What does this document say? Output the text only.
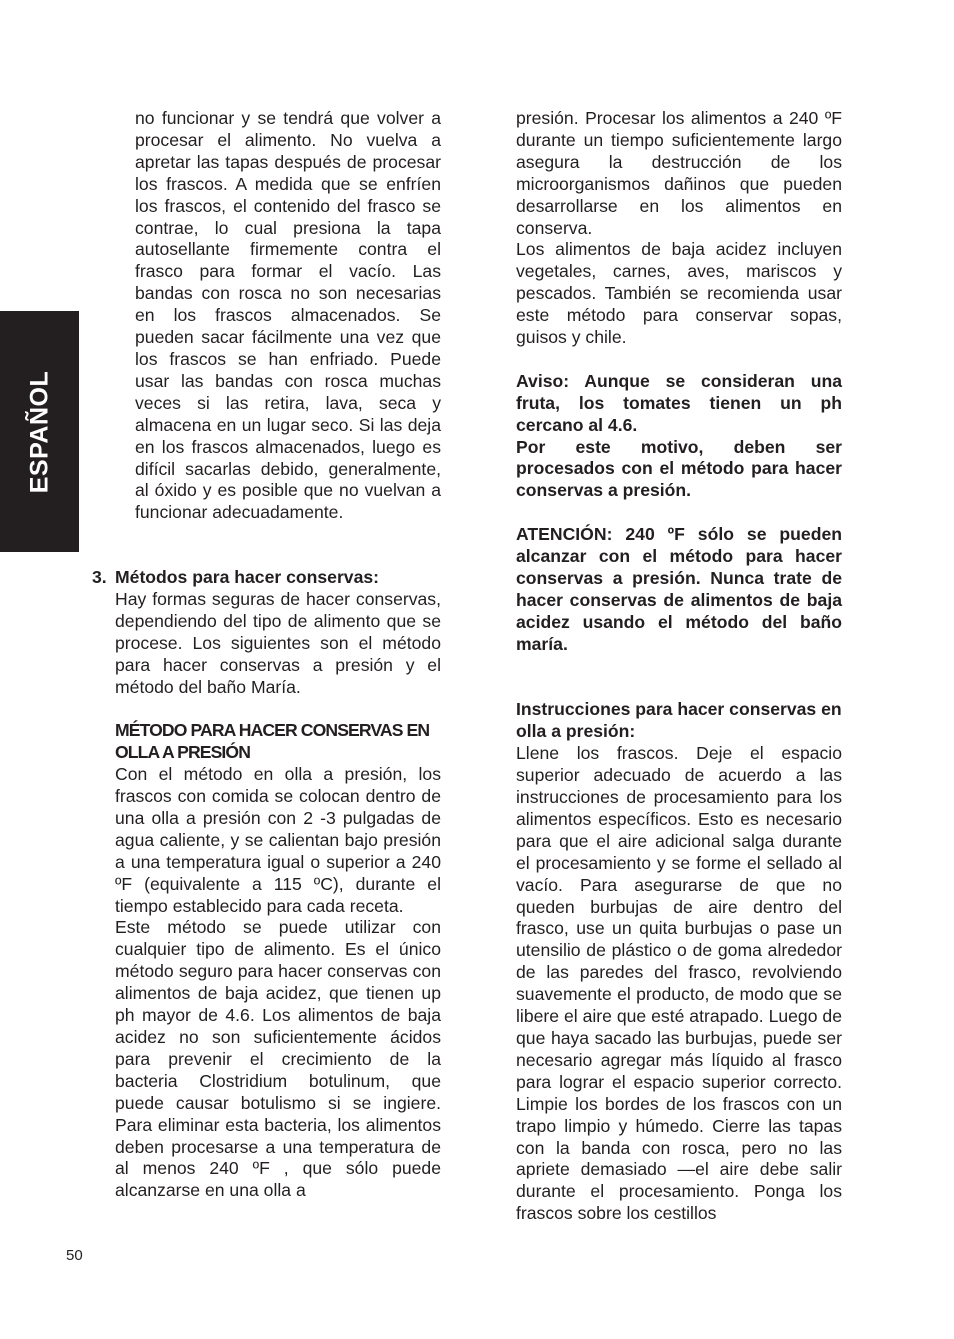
ESPAÑOL

no funcionar y se tendrá que volver a procesar el alimento. No vuelva a apretar las tapas después de procesar los frascos. A medida que se enfríen los frascos, el contenido del frasco se contrae, lo cual presiona la tapa autosellante firmemente contra el frasco para formar el vacío. Las bandas con rosca no son necesarias en los frascos almacenados. Se pueden sacar fácilmente una vez que los frascos se han enfriado. Puede usar las bandas con rosca muchas veces si las retira, lava, seca y almacena en un lugar seco. Si las deja en los frascos almacenados, luego es difícil sacarlas debido, generalmente, al óxido y es posible que no vuelvan a funcionar adecuadamente.

3. Métodos para hacer conservas:

Hay formas seguras de hacer conservas, dependiendo del tipo de alimento que se procese. Los siguientes son el método para hacer conservas a presión y el método del baño María.

MÉTODO PARA HACER CONSERVAS EN OLLA A PRESIÓN

Con el método en olla a presión, los frascos con comida se colocan dentro de una olla a presión con 2 -3 pulgadas de agua caliente, y se calientan bajo presión a una temperatura igual o superior a 240 ºF (equivalente a 115 ºC), durante el tiempo establecido para cada receta.

Este método se puede utilizar con cualquier tipo de alimento. Es el único método seguro para hacer conservas con alimentos de baja acidez, que tienen up ph mayor de 4.6. Los alimentos de baja acidez no son suficientemente ácidos para prevenir el crecimiento de la bacteria Clostridium botulinum, que puede causar botulismo si se ingiere. Para eliminar esta bacteria, los alimentos deben procesarse a una temperatura de al menos 240 ºF , que sólo puede alcanzarse en una olla a

presión. Procesar los alimentos a 240 ºF durante un tiempo suficientemente largo asegura la destrucción de los microorganismos dañinos que pueden desarrollarse en los alimentos en conserva.

Los alimentos de baja acidez incluyen vegetales, carnes, aves, mariscos y pescados. También se recomienda usar este método para conservar sopas, guisos y chile.

Aviso: Aunque se consideran una fruta, los tomates tienen un ph cercano al 4.6.

Por este motivo, deben ser procesados con el método para hacer conservas a presión.

ATENCIÓN: 240 ºF sólo se pueden alcanzar con el método para hacer conservas a presión. Nunca trate de hacer conservas de alimentos de baja acidez usando el método del baño maría.

Instrucciones para hacer conservas en olla a presión:

Llene los frascos. Deje el espacio superior adecuado de acuerdo a las instrucciones de procesamiento para los alimentos específicos. Esto es necesario para que el aire adicional salga durante el procesamiento y se forme el sellado al vacío. Para asegurarse de que no queden burbujas de aire dentro del frasco, use un quita burbujas o pase un utensilio de plástico o de goma alrededor de las paredes del frasco, revolviendo suavemente el producto, de modo que se libere el aire que esté atrapado. Luego de que haya sacado las burbujas, puede ser necesario agregar más líquido al frasco para lograr el espacio superior correcto. Limpie los bordes de los frascos con un trapo limpio y húmedo. Cierre las tapas con la banda con rosca, pero no las apriete demasiado —el aire debe salir durante el procesamiento. Ponga los frascos sobre los cestillos

50
